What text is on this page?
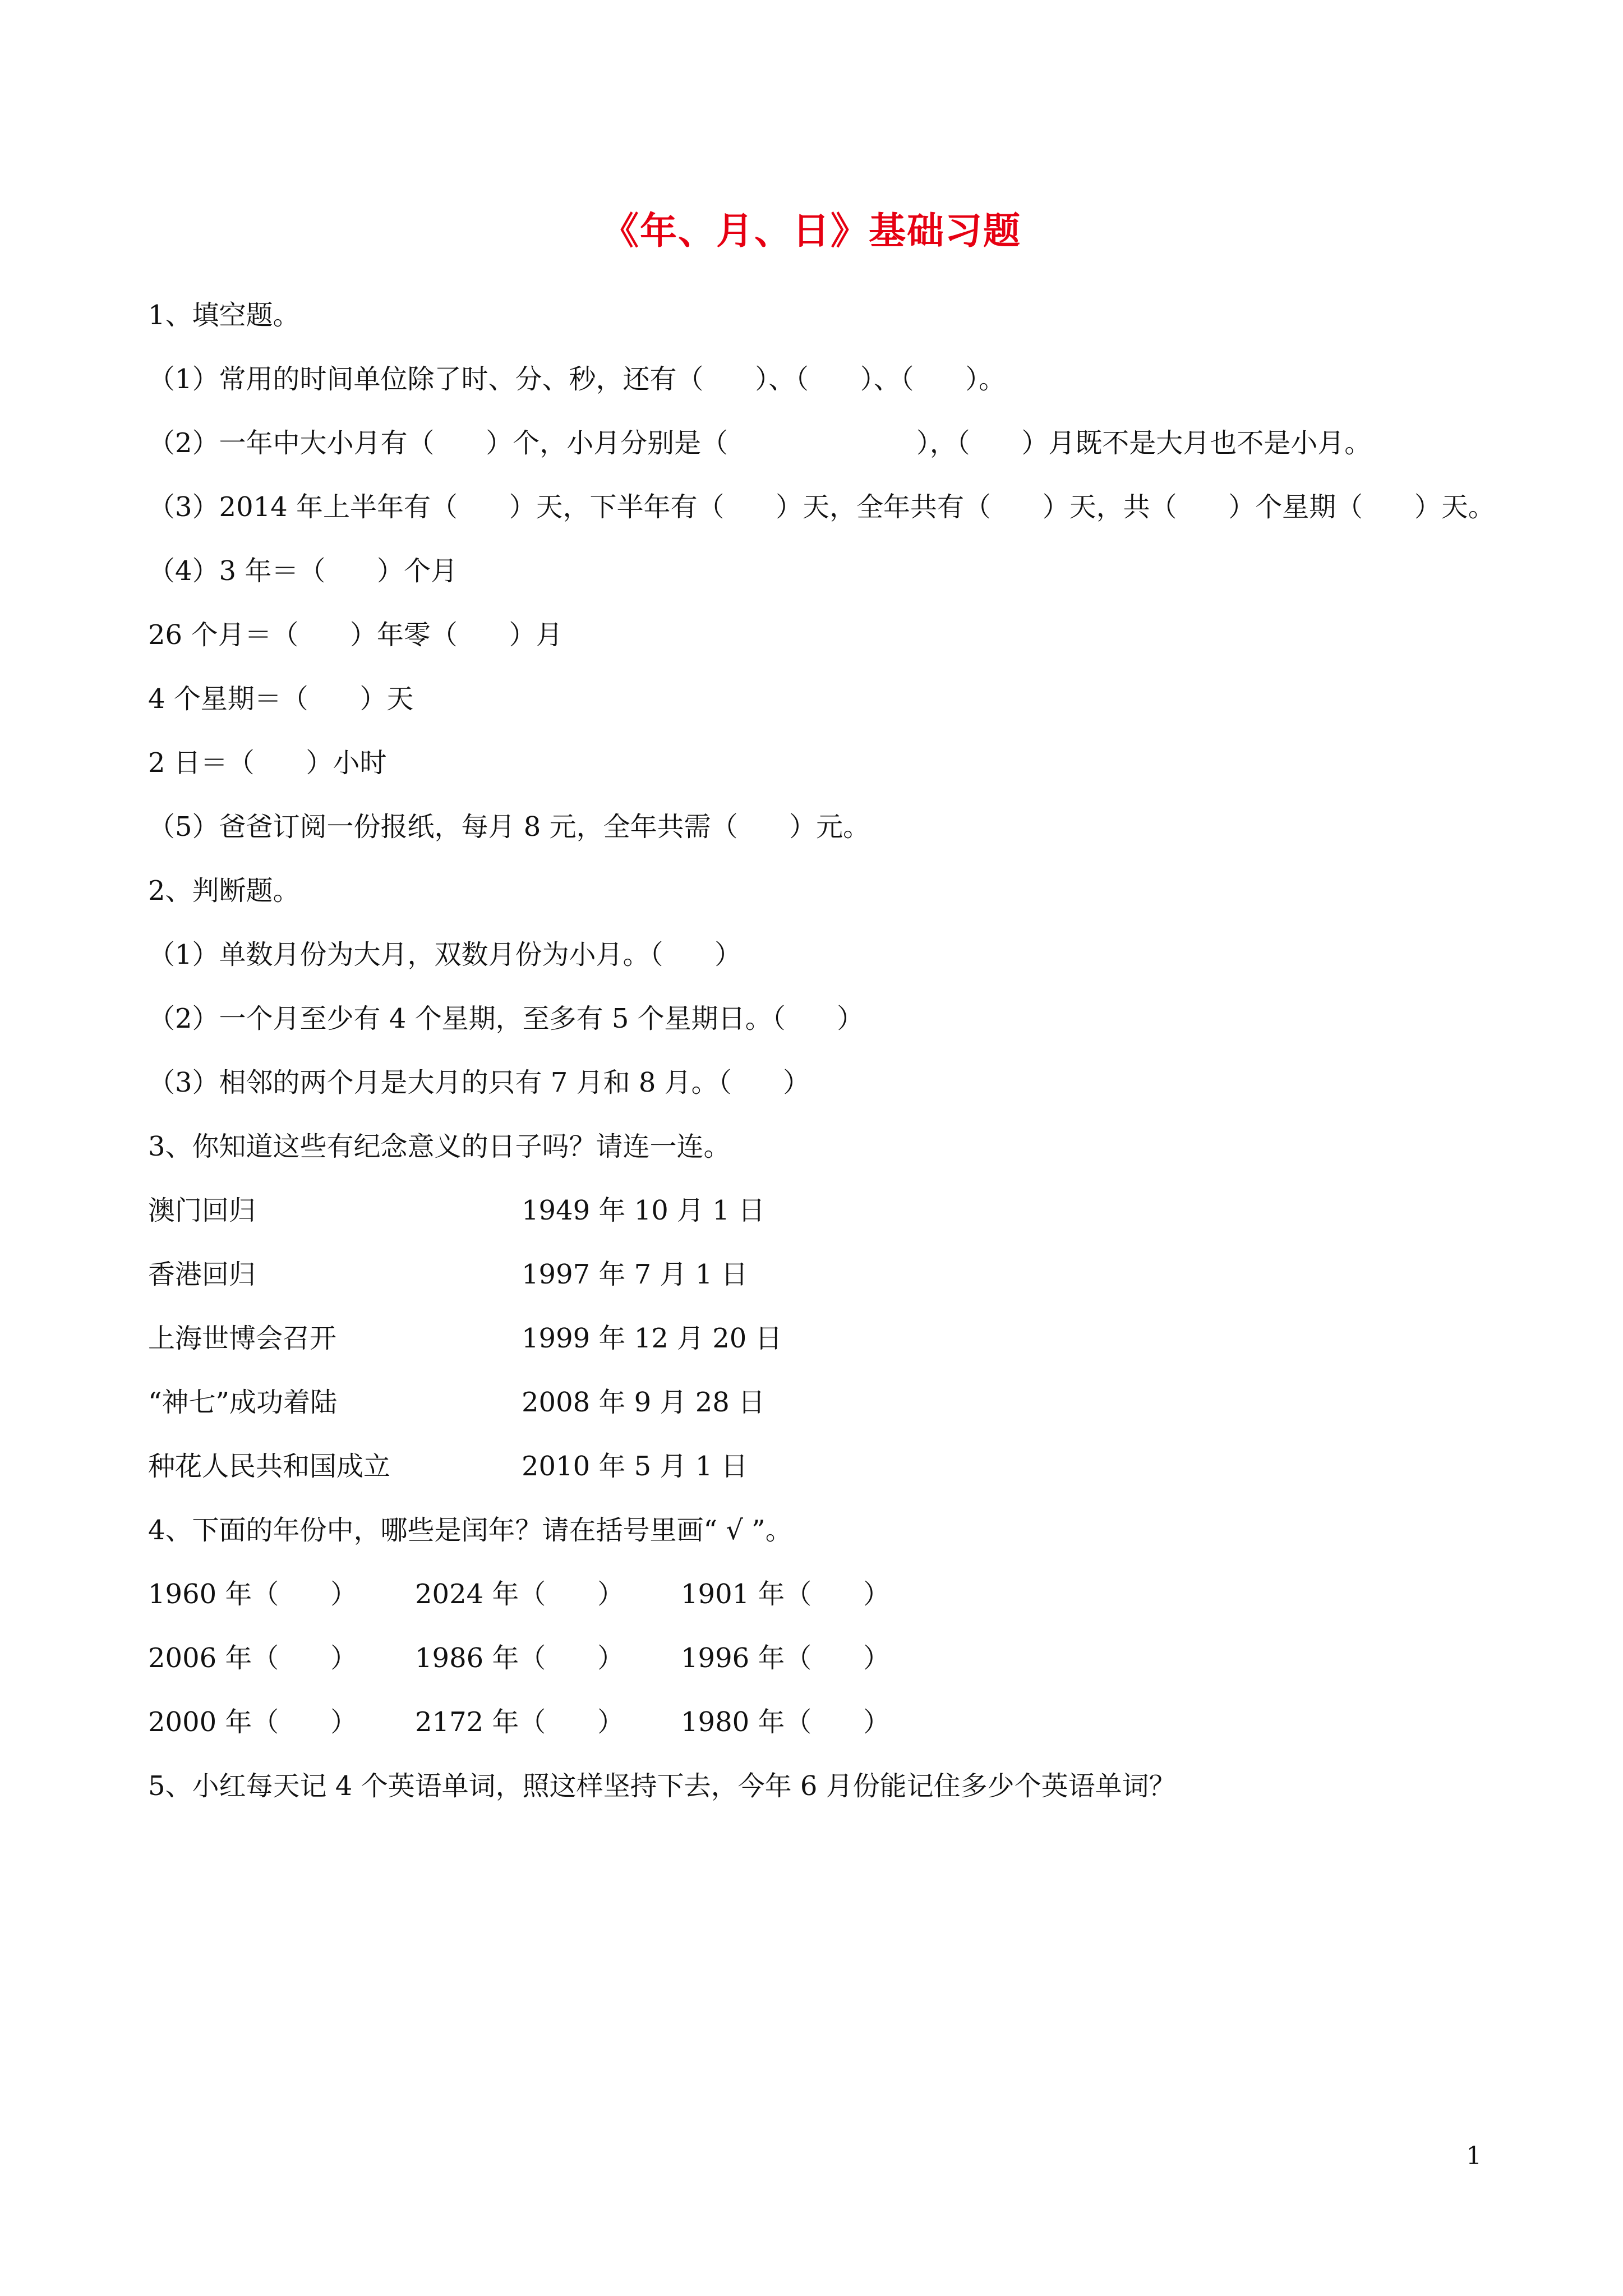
《年、月、日》基础习题
1、填空题。
（1）常用的时间单位除了时、分、秒，还有（      ）、（      ）、（      ）。
（2）一年中大小月有（      ）个，小月分别是（                      ），（      ）月既不是大月也不是小月。
（3）2014 年上半年有（      ）天，下半年有（      ）天，全年共有（      ）天，共（      ）个星期（      ）天。
（4）3 年＝（      ）个月
26 个月＝（      ）年零（      ）月
4 个星期＝（      ）天
2 日＝（      ）小时
（5）爸爸订阅一份报纸，每月 8 元，全年共需（      ）元。
2、判断题。
（1）单数月份为大月，双数月份为小月。（      ）
（2）一个月至少有 4 个星期，至多有 5 个星期日。（      ）
（3）相邻的两个月是大月的只有 7 月和 8 月。（      ）
3、你知道这些有纪念意义的日子吗？请连一连。
澳门回归	1949 年 10 月 1 日
香港回归	1997 年 7 月 1 日
上海世博会召开	1999 年 12 月 20 日
“神七”成功着陆	2008 年 9 月 28 日
种花人民共和国成立	2010 年 5 月 1 日
4、下面的年份中，哪些是闰年？请在括号里画“ √ ”。
1960 年（      ） 2024 年（      ） 1901 年（      ）
2006 年（      ） 1986 年（      ） 1996 年（      ）
2000 年（      ） 2172 年（      ） 1980 年（      ）
5、小红每天记 4 个英语单词，照这样坚持下去，今年 6 月份能记住多少个英语单词？
1
